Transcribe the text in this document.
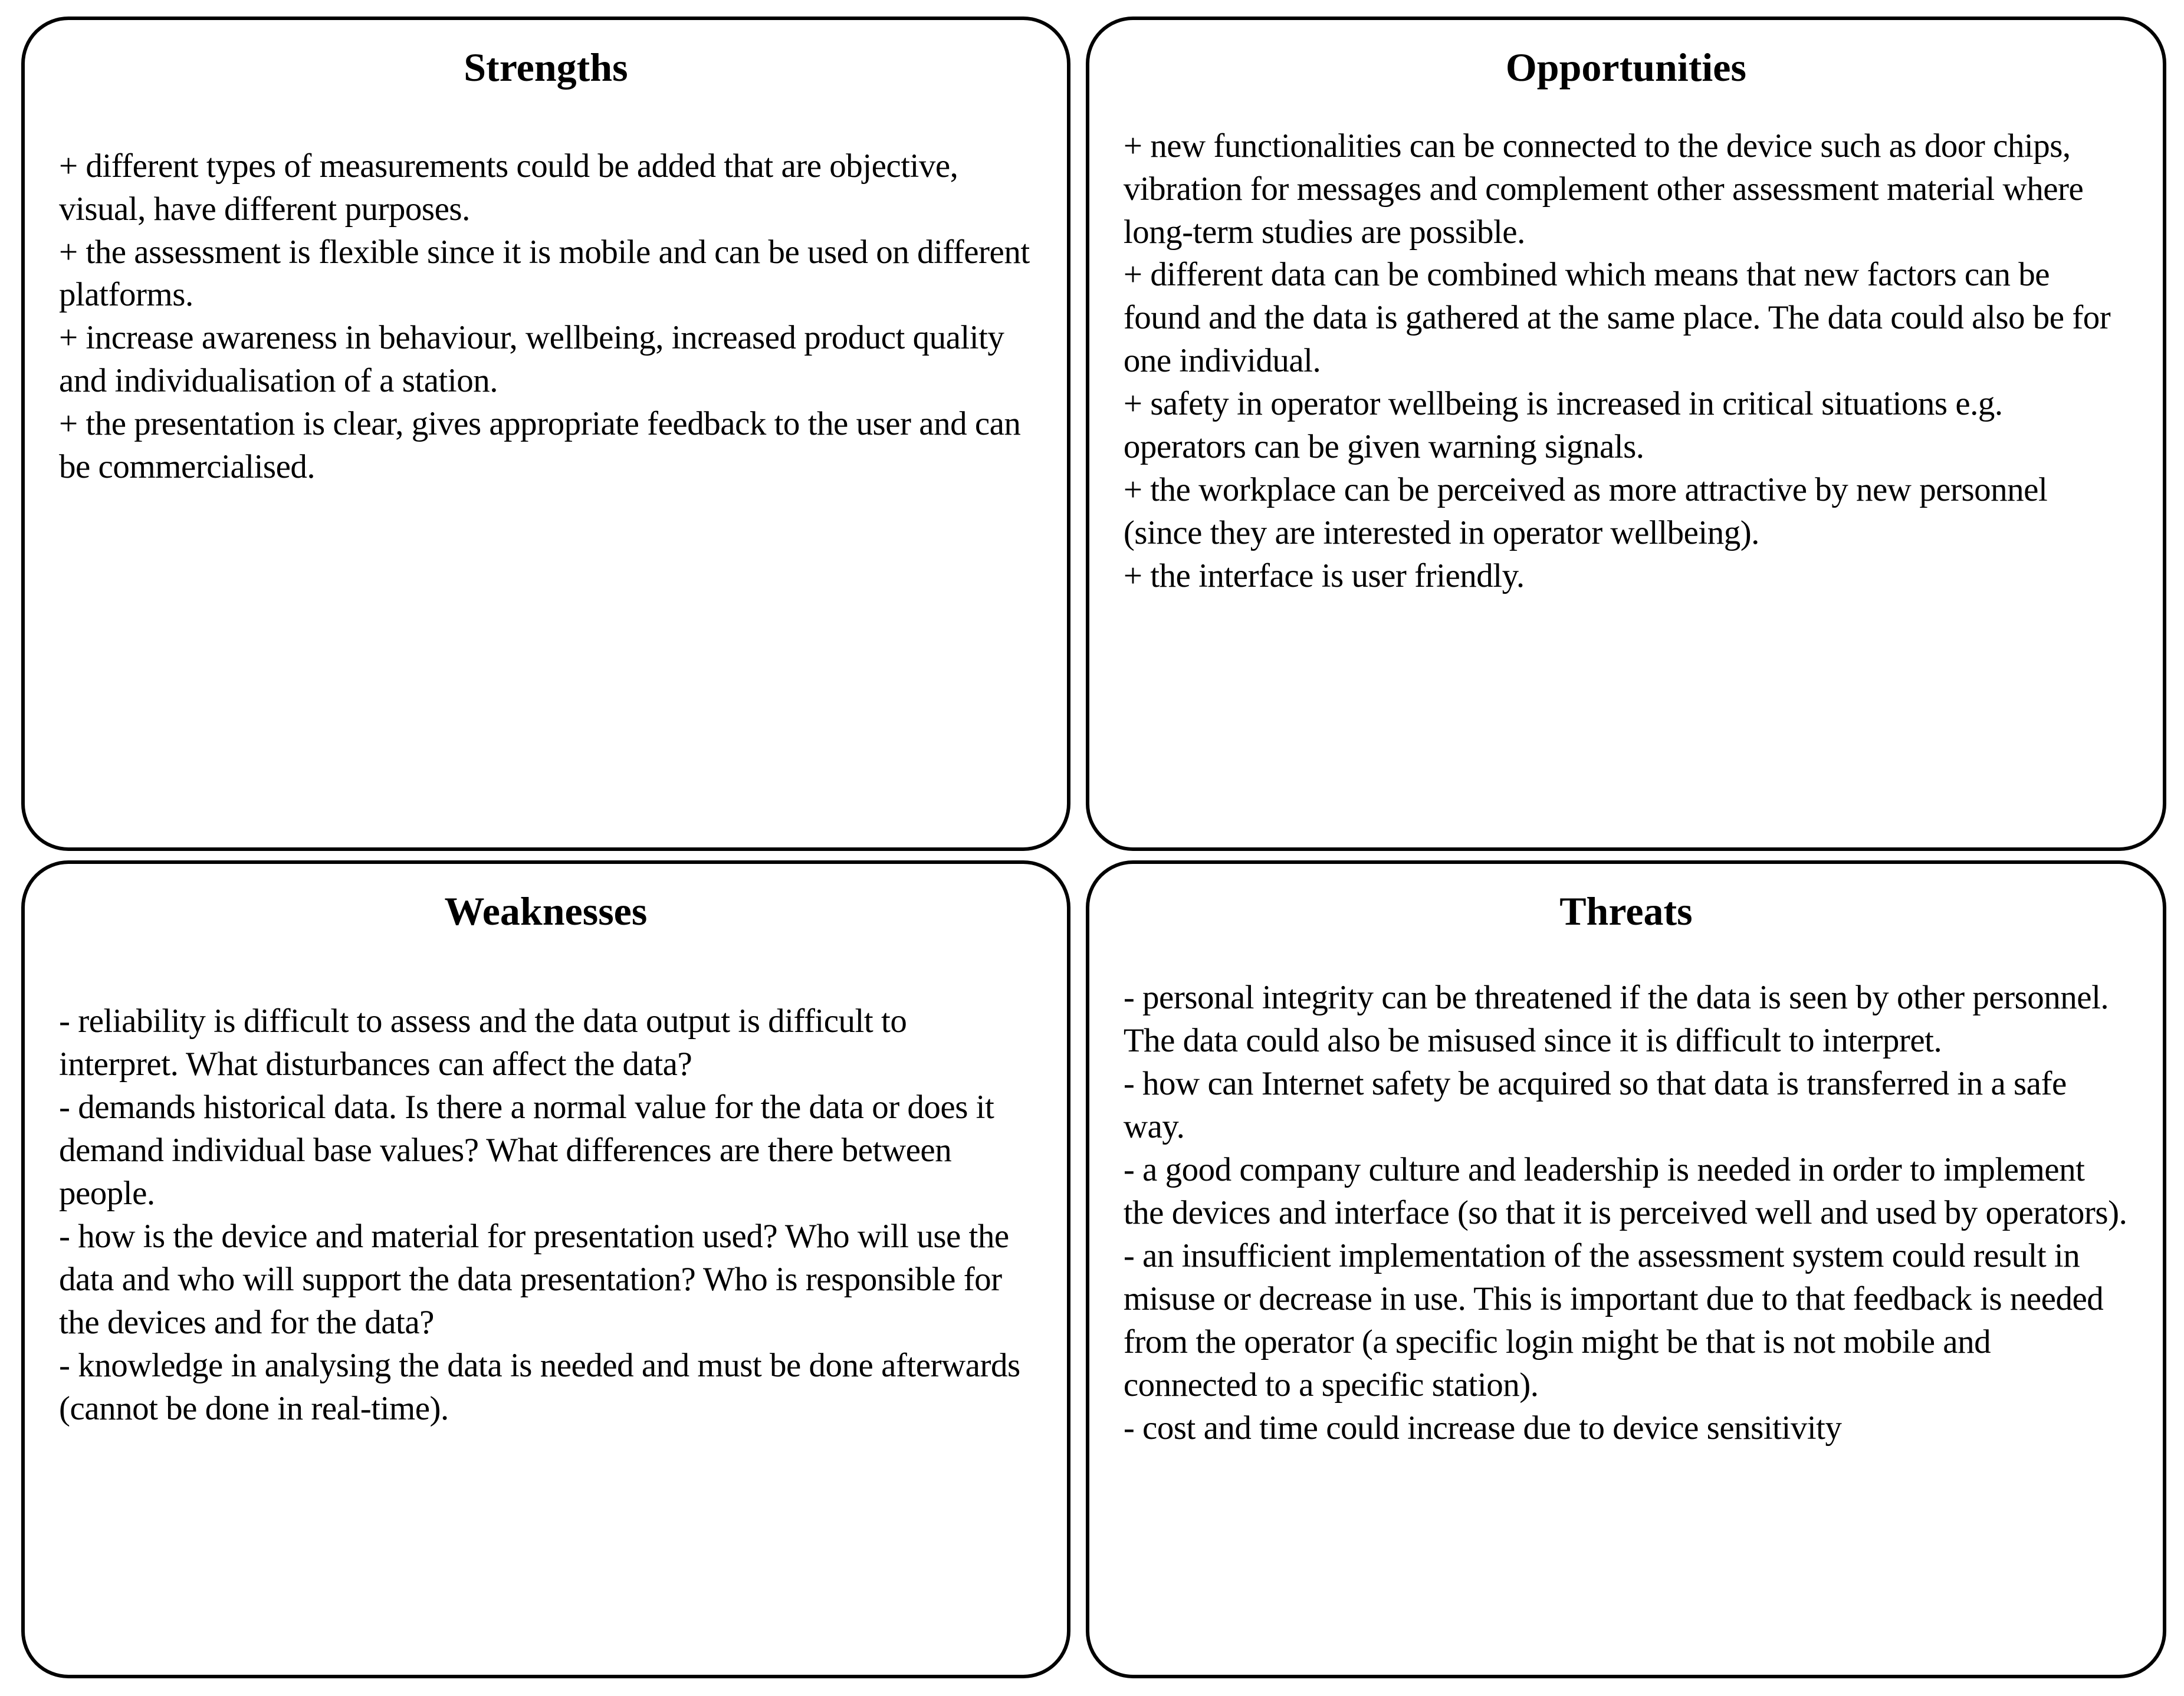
Strengths

+ different types of measurements could be added that are objective, visual, have different purposes.

+ the assessment is flexible since it is mobile and can be used on different platforms.

+ increase awareness in behaviour, wellbeing, increased product quality and individualisation of a station.

+ the presentation is clear, gives appropriate feedback to the user and can be commercialised.

Opportunities

+ new functionalities can be connected to the device such as door chips, vibration for messages and complement other assessment material where long-term studies are possible.

+ different data can be combined which means that new factors can be found and the data is gathered at the same place. The data could also be for one individual.

+ safety in operator wellbeing is increased in critical situations e.g. operators can be given warning signals.

+ the workplace can be perceived as more attractive by new personnel (since they are interested in operator wellbeing).

+ the interface is user friendly.

Weaknesses

- reliability is difficult to assess and the data output is difficult to interpret. What disturbances can affect the data?

- demands historical data. Is there a normal value for the data or does it demand individual base values? What differences are there between people.

- how is the device and material for presentation used? Who will use the data and who will support the data presentation? Who is responsible for the devices and for the data?

- knowledge in analysing the data is needed and must be done afterwards (cannot be done in real-time).

Threats

- personal integrity can be threatened if the data is seen by other personnel. The data could also be misused since it is difficult to interpret.

- how can Internet safety be acquired so that data is transferred in a safe way.

- a good company culture and leadership is needed in order to implement the devices and interface (so that it is perceived well and used by operators).

- an insufficient implementation of the assessment system could result in misuse or decrease in use. This is important due to that feedback is needed from the operator (a specific login might be that is not mobile and connected to a specific station).

- cost and time could increase due to device sensitivity
